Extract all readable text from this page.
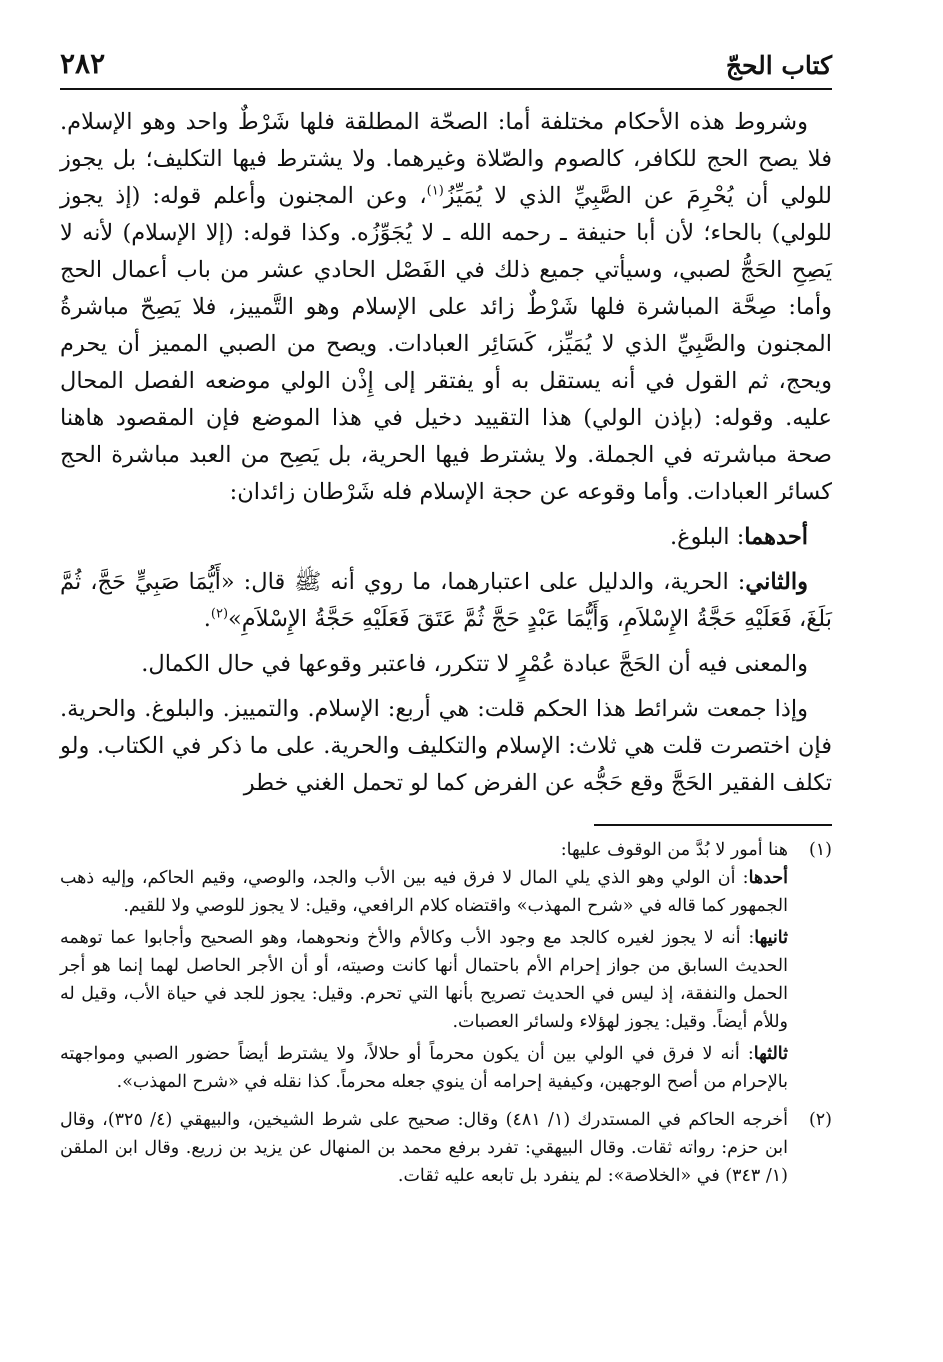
كتاب الحجّ
٢٨٢

وشروط هذه الأحكام مختلفة أما: الصحّة المطلقة فلها شَرْطٌ واحد وهو الإسلام. فلا يصح الحج للكافر، كالصوم والصّلاة وغيرهما. ولا يشترط فيها التكليف؛ بل يجوز للولي أن يُحْرِمَ عن الصَّبِيِّ الذي لا يُمَيِّزُ$^{(١)}$، وعن المجنون وأعلم قوله: (إذ يجوز للولي) بالحاء؛ لأن أبا حنيفة ـ رحمه الله ـ لا يُجَوِّزُه. وكذا قوله: (إلا الإسلام) لأنه لا يَصِحِ الحَجُّ لصبي، وسيأتي جميع ذلك في الفَصْل الحادي عشر من باب أعمال الحج وأما: صِحَّة المباشرة فلها شَرْطٌ زائد على الإسلام وهو التَّمييز، فلا يَصِحّ مباشرةُ المجنون والصَّبِيِّ الذي لا يُمَيِّز، كَسَائِر العبادات. ويصح من الصبي المميز أن يحرم ويحج، ثم القول في أنه يستقل به أو يفتقر إلى إِذْن الولي موضعه الفصل المحال عليه. وقوله: (بإذن الولي) هذا التقييد دخيل في هذا الموضع فإن المقصود هاهنا صحة مباشرته في الجملة. ولا يشترط فيها الحرية، بل يَصِح من العبد مباشرة الحج كسائر العبادات. وأما وقوعه عن حجة الإسلام فله شَرْطان زائدان:

أحدهما: البلوغ.

والثاني: الحرية، والدليل على اعتبارهما، ما روي أنه ﷺ قال: «أَيُّمَا صَبِيٍّ حَجَّ، ثُمَّ بَلَغَ، فَعَلَيْهِ حَجَّةُ الإِسْلاَمِ، وَأَيُّمَا عَبْدٍ حَجَّ ثُمَّ عَتَقَ فَعَلَيْهِ حَجَّةُ الإِسْلاَمِ»$^{(٢)}$.

والمعنى فيه أن الحَجَّ عبادة عُمْرٍ لا تتكرر، فاعتبر وقوعها في حال الكمال.

وإذا جمعت شرائط هذا الحكم قلت: هي أربع: الإسلام. والتمييز. والبلوغ. والحرية. فإن اختصرت قلت هي ثلاث: الإسلام والتكليف والحرية. على ما ذكر في الكتاب. ولو تكلف الفقير الحَجَّ وقع حَجُّه عن الفرض كما لو تحمل الغني خطر

(١)

هنا أمور لا بُدَّ من الوقوف عليها:

أحدها: أن الولي وهو الذي يلي المال لا فرق فيه بين الأب والجد، والوصي، وقيم الحاكم، وإليه ذهب الجمهور كما قاله في «شرح المهذب» واقتضاه كلام الرافعي، وقيل: لا يجوز للوصي ولا للقيم.

ثانيها: أنه لا يجوز لغيره كالجد مع وجود الأب وكالأم والأخ ونحوهما، وهو الصحيح وأجابوا عما توهمه الحديث السابق من جواز إحرام الأم باحتمال أنها كانت وصيته، أو أن الأجر الحاصل لهما إنما هو أجر الحمل والنفقة، إذ ليس في الحديث تصريح بأنها التي تحرم. وقيل: يجوز للجد في حياة الأب، وقيل له وللأم أيضاً. وقيل: يجوز لهؤلاء ولسائر العصبات.

ثالثها: أنه لا فرق في الولي بين أن يكون محرماً أو حلالاً، ولا يشترط أيضاً حضور الصبي ومواجهته بالإحرام من أصح الوجهين، وكيفية إحرامه أن ينوي جعله محرماً. كذا نقله في «شرح المهذب».

(٢)

أخرجه الحاكم في المستدرك (١/ ٤٨١) وقال: صحيح على شرط الشيخين، والبيهقي (٤/ ٣٢٥)، وقال ابن حزم: رواته ثقات. وقال البيهقي: تفرد برفع محمد بن المنهال عن يزيد بن زريع. وقال ابن الملقن (١/ ٣٤٣) في «الخلاصة»: لم ينفرد بل تابعه عليه ثقات.
